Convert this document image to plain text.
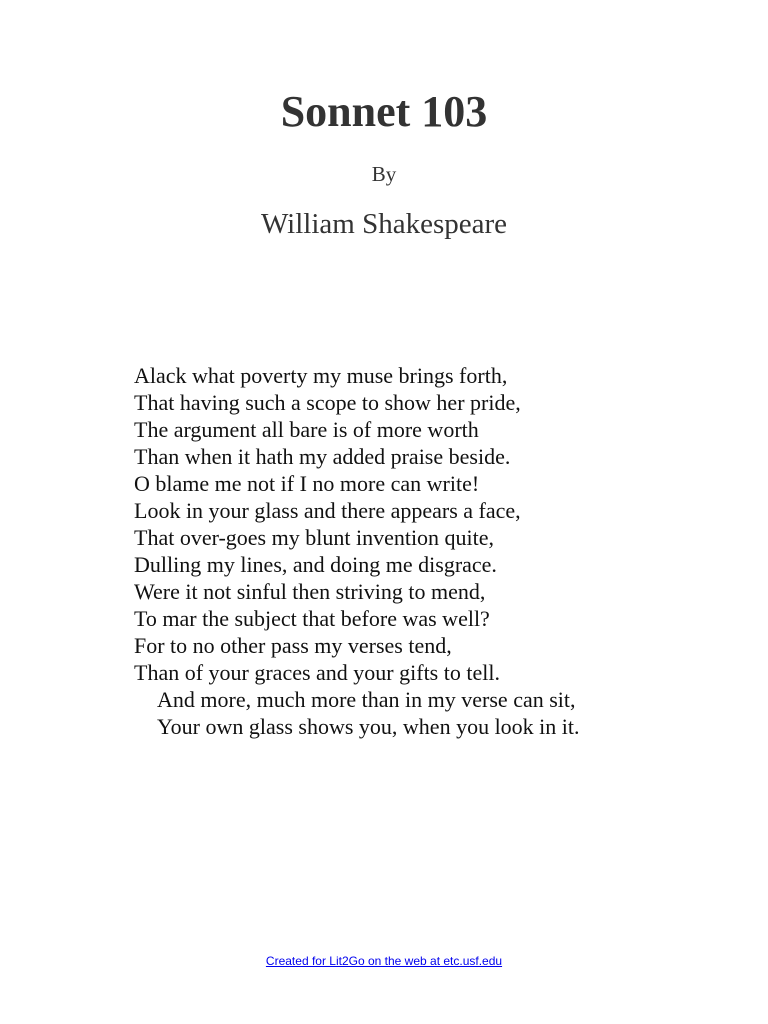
Sonnet 103
By
William Shakespeare
Alack what poverty my muse brings forth,
That having such a scope to show her pride,
The argument all bare is of more worth
Than when it hath my added praise beside.
O blame me not if I no more can write!
Look in your glass and there appears a face,
That over-goes my blunt invention quite,
Dulling my lines, and doing me disgrace.
Were it not sinful then striving to mend,
To mar the subject that before was well?
For to no other pass my verses tend,
Than of your graces and your gifts to tell.
And more, much more than in my verse can sit,
Your own glass shows you, when you look in it.
Created for Lit2Go on the web at etc.usf.edu
